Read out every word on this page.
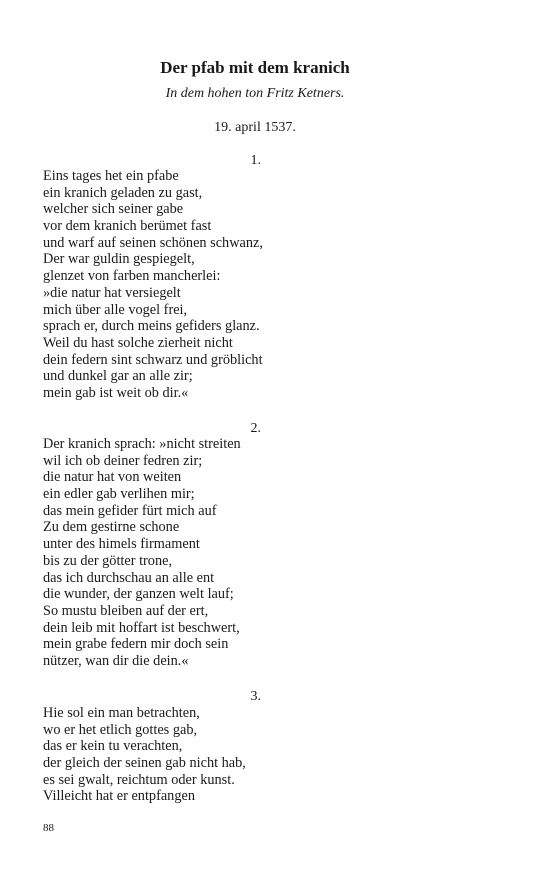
Der pfab mit dem kranich
In dem hohen ton Fritz Ketners.
19. april 1537.
1.
Eins tages het ein pfabe
ein kranich geladen zu gast,
welcher sich seiner gabe
vor dem kranich berümet fast
und warf auf seinen schönen schwanz,
Der war guldin gespiegelt,
glenzet von farben mancherlei:
»die natur hat versiegelt
mich über alle vogel frei,
sprach er, durch meins gefiders glanz.
Weil du hast solche zierheit nicht
dein federn sint schwarz und gröblicht
und dunkel gar an alle zir;
mein gab ist weit ob dir.«
2.
Der kranich sprach: »nicht streiten
wil ich ob deiner fedren zir;
die natur hat von weiten
ein edler gab verlihen mir;
das mein gefider fürt mich auf
Zu dem gestirne schone
unter des himels firmament
bis zu der götter trone,
das ich durchschau an alle ent
die wunder, der ganzen welt lauf;
So mustu bleiben auf der ert,
dein leib mit hoffart ist beschwert,
mein grabe federn mir doch sein
nützer, wan dir die dein.«
3.
Hie sol ein man betrachten,
wo er het etlich gottes gab,
das er kein tu verachten,
der gleich der seinen gab nicht hab,
es sei gwalt, reichtum oder kunst.
Villeicht hat er entpfangen
88
